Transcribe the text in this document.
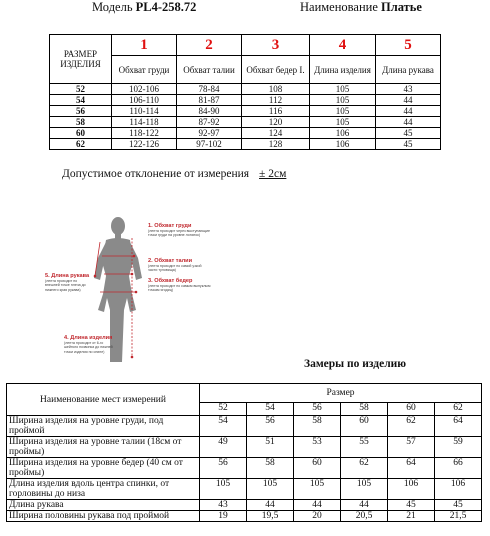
Модель PL4-258.72	Наименование Платье
РАЗМЕР ИЗДЕЛИЯ	1	2	3	4	5
	Обхват груди	Обхват талии	Обхват бедер I.	Длина изделия	Длина рукава
52	102-106	78-84	108	105	43
54	106-110	81-87	112	105	44
56	110-114	84-90	116	105	44
58	114-118	87-92	120	105	44
60	118-122	92-97	124	106	45
62	122-126	97-102	128	106	45
Допустимое отклонение от измерения ± 2см
1. Обхват груди
(лента проходит через выступающие
точки груди на уровне лопаток)
2. Обхват талии
(лента проходит по самой узкой
части туловища)
3. Обхват бедер
(лента проходит по самым выпуклым
точкам ягодиц)
4. Длина изделия
(лента проходит от 6-го
шейного позвонка до нижней
точки изделия по спине)
5. Длина рукава
(лента проходит по
внешней точке плеча до
нижнего края рукава)
Замеры по изделию
Наименование мест измерений	Размер					
	52	54	56	58	60	62
Ширина изделия на уровне груди, под проймой	54	56	58	60	62	64
Ширина изделия на уровне талии (18см от проймы)	49	51	53	55	57	59
Ширина изделия на уровне бедер (40 см от проймы)	56	58	60	62	64	66
Длина изделия вдоль центра спинки, от горловины до низа	105	105	105	105	106	106
Длина рукава	43	44	44	44	45	45
Ширина половины рукава под проймой	19	19,5	20	20,5	21	21,5
